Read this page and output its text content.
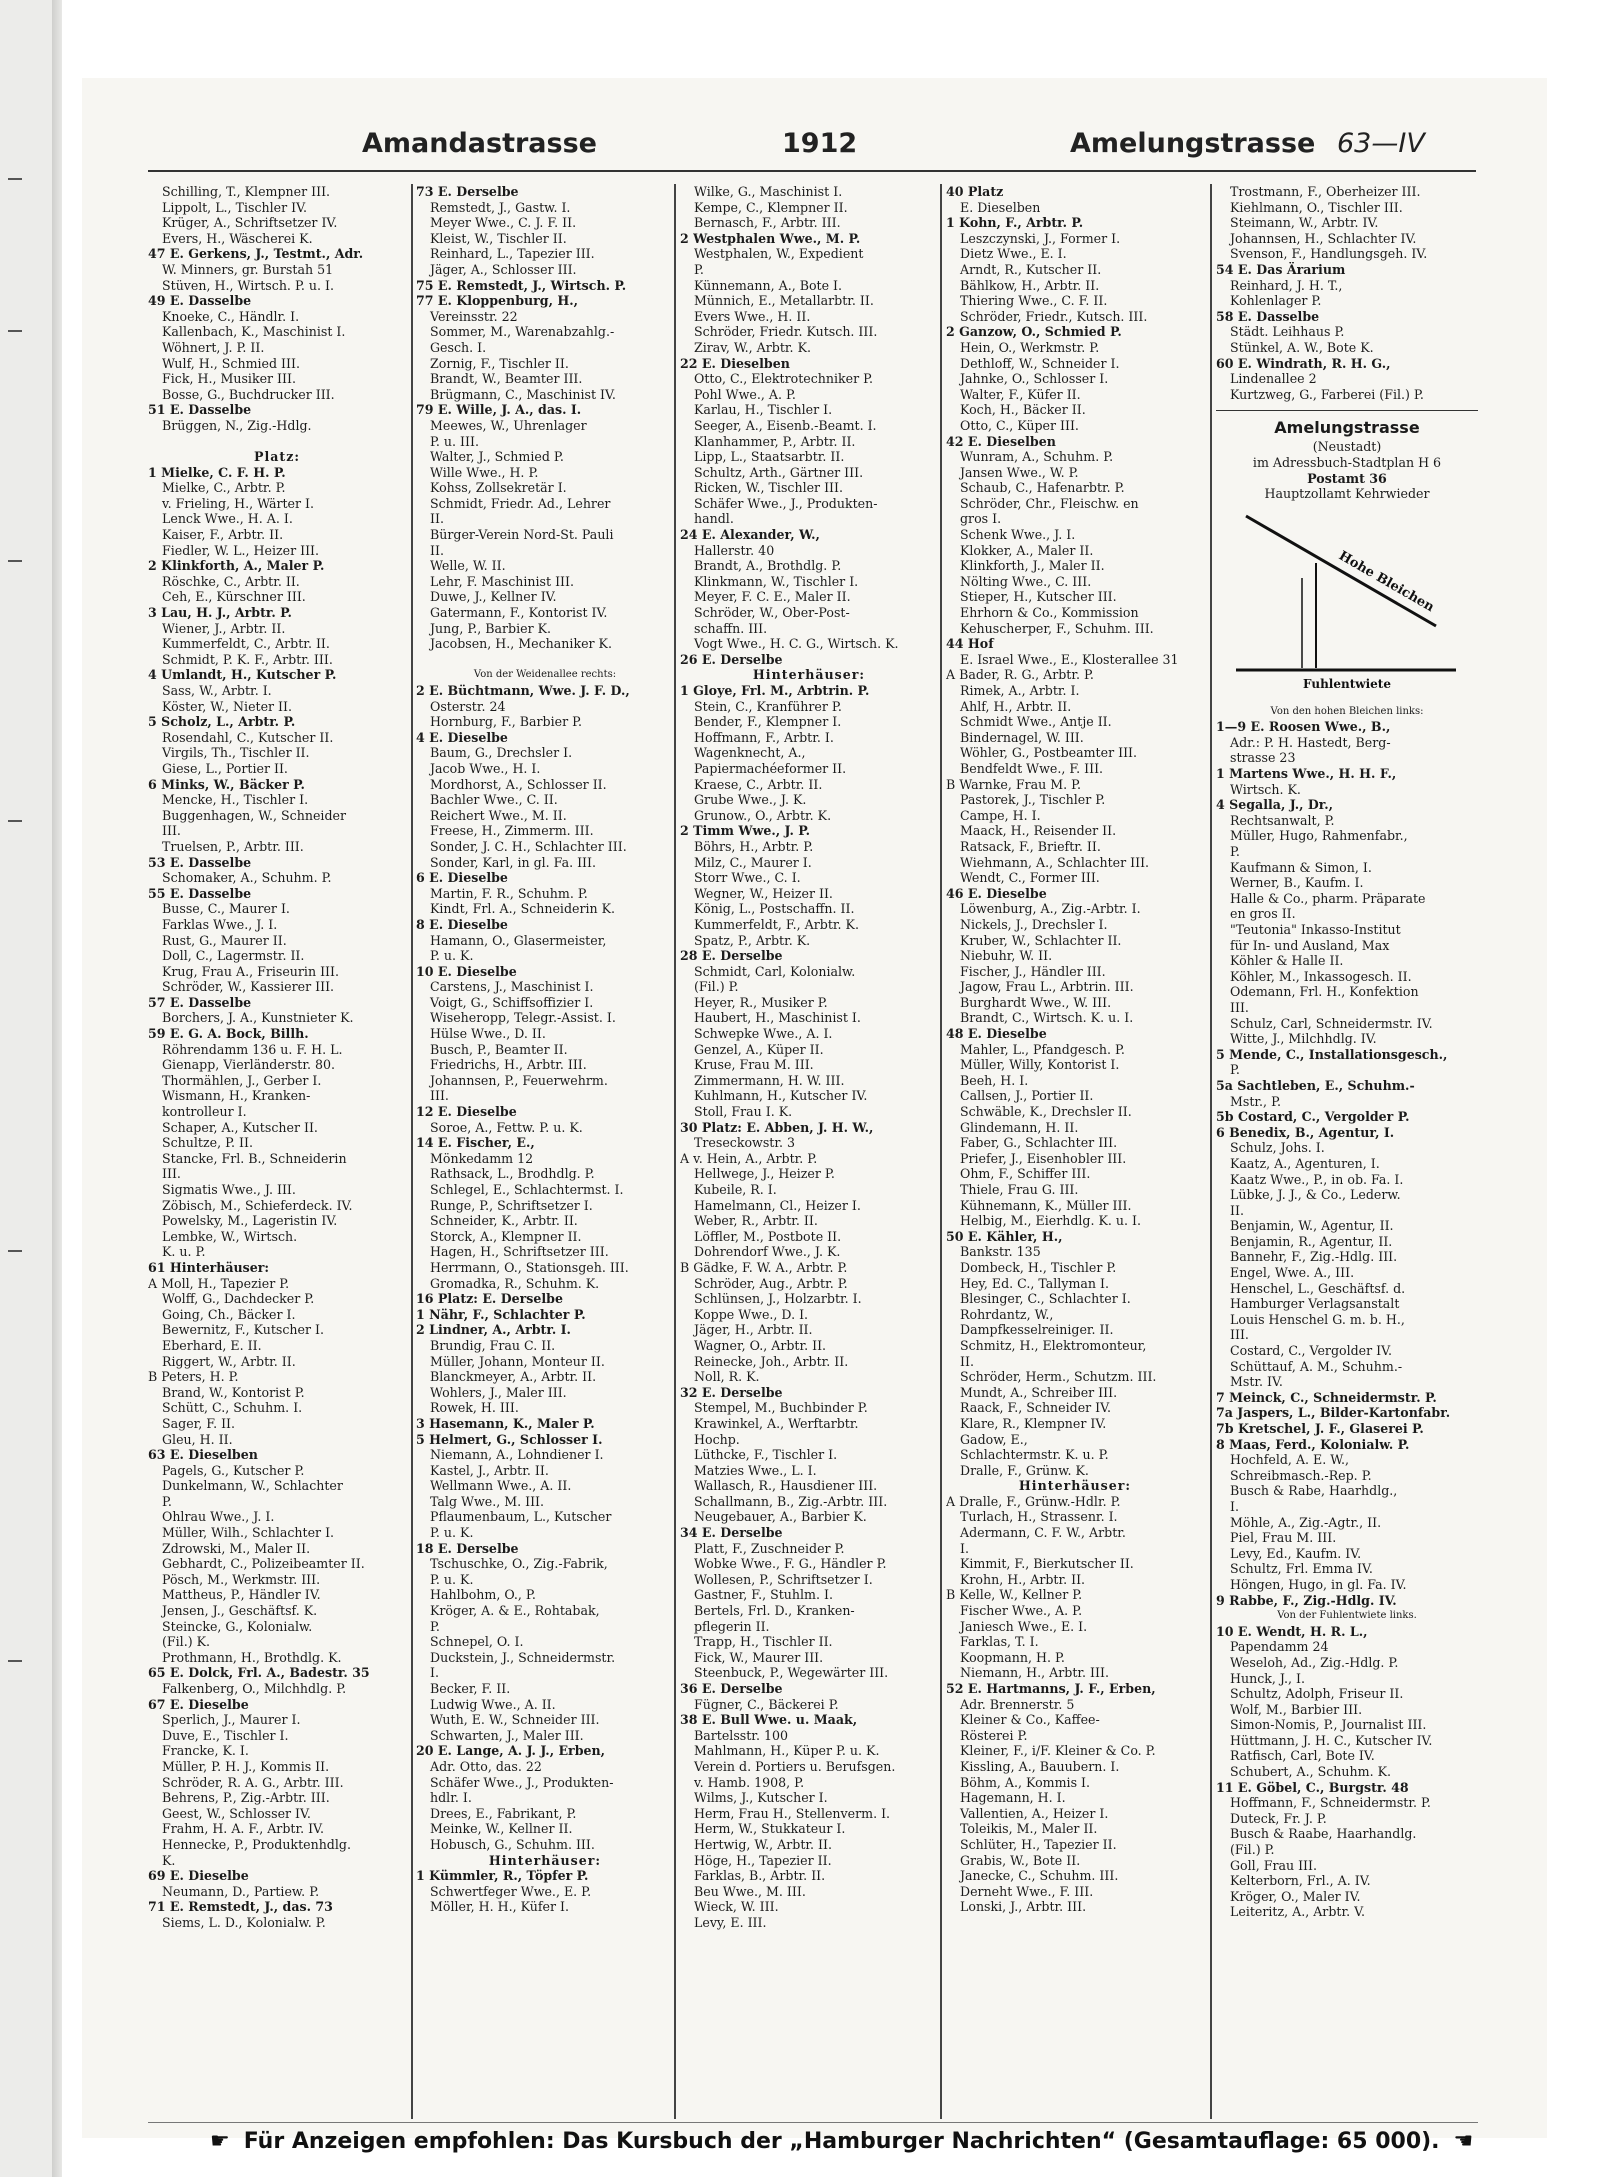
Amandastrasse	1912	Amelungstrasse 63—IV
Schilling, T., Klempner III.
Lippolt, L., Tischler IV.
Krüger, A., Schriftsetzer IV.
Evers, H., Wäscherei K.
47 E. Gerkens, J., Testmt., Adr.
W. Minners, gr. Burstah 51
Stüven, H., Wirtsch. P. u. I.
49 E. Dasselbe
Knoeke, C., Händlr. I.
Kallenbach, K., Maschinist I.
Wöhnert, J. P. II.
Wulf, H., Schmied III.
Fick, H., Musiker III.
Bosse, G., Buchdrucker III.
51 E. Dasselbe
Brüggen, N., Zig.-Hdlg.
Platz:
1 Mielke, C. F. H. P.
Mielke, C., Arbtr. P.
v. Frieling, H., Wärter I.
Lenck Wwe., H. A. I.
Kaiser, F., Arbtr. II.
Fiedler, W. L., Heizer III.
2 Klinkforth, A., Maler P.
Röschke, C., Arbtr. II.
Ceh, E., Kürschner III.
3 Lau, H. J., Arbtr. P.
Wiener, J., Arbtr. II.
Kummerfeldt, C., Arbtr. II.
Schmidt, P. K. F., Arbtr. III.
4 Umlandt, H., Kutscher P.
Sass, W., Arbtr. I.
Köster, W., Nieter II.
5 Scholz, L., Arbtr. P.
Rosendahl, C., Kutscher II.
Virgils, Th., Tischler II.
Giese, L., Portier II.
6 Minks, W., Bäcker P.
Mencke, H., Tischler I.
Buggenhagen, W., Schneider
III.
Truelsen, P., Arbtr. III.
53 E. Dasselbe
Schomaker, A., Schuhm. P.
55 E. Dasselbe
Busse, C., Maurer I.
Farklas Wwe., J. I.
Rust, G., Maurer II.
Doll, C., Lagermstr. II.
Krug, Frau A., Friseurin III.
Schröder, W., Kassierer III.
57 E. Dasselbe
Borchers, J. A., Kunstnieter K.
59 E. G. A. Bock, Billh.
Röhrendamm 136 u. F. H. L.
Gienapp, Vierländerstr. 80.
Thormählen, J., Gerber I.
Wismann, H., Kranken-
kontrolleur I.
Schaper, A., Kutscher II.
Schultze, P. II.
Stancke, Frl. B., Schneiderin
III.
Sigmatis Wwe., J. III.
Zöbisch, M., Schieferdeck. IV.
Powelsky, M., Lageristin IV.
Lembke, W., Wirtsch.
K. u. P.
61 Hinterhäuser:
A Moll, H., Tapezier P.
Wolff, G., Dachdecker P.
Going, Ch., Bäcker I.
Bewernitz, F., Kutscher I.
Eberhard, E. II.
Riggert, W., Arbtr. II.
B Peters, H. P.
Brand, W., Kontorist P.
Schütt, C., Schuhm. I.
Sager, F. II.
Gleu, H. II.
63 E. Dieselben
Pagels, G., Kutscher P.
Dunkelmann, W., Schlachter
P.
Ohlrau Wwe., J. I.
Müller, Wilh., Schlachter I.
Zdrowski, M., Maler II.
Gebhardt, C., Polizeibeamter II.
Pösch, M., Werkmstr. III.
Mattheus, P., Händler IV.
Jensen, J., Geschäftsf. K.
Steincke, G., Kolonialw.
(Fil.) K.
Prothmann, H., Brothdlg. K.
65 E. Dolck, Frl. A., Badestr. 35
Falkenberg, O., Milchhdlg. P.
67 E. Dieselbe
Sperlich, J., Maurer I.
Duve, E., Tischler I.
Francke, K. I.
Müller, P. H. J., Kommis II.
Schröder, R. A. G., Arbtr. III.
Behrens, P., Zig.-Arbtr. III.
Geest, W., Schlosser IV.
Frahm, H. A. F., Arbtr. IV.
Hennecke, P., Produktenhdlg.
K.
69 E. Dieselbe
Neumann, D., Partiew. P.
71 E. Remstedt, J., das. 73
Siems, L. D., Kolonialw. P.
73 E. Derselbe
Remstedt, J., Gastw. I.
Meyer Wwe., C. J. F. II.
Kleist, W., Tischler II.
Reinhard, L., Tapezier III.
Jäger, A., Schlosser III.
75 E. Remstedt, J., Wirtsch. P.
77 E. Kloppenburg, H.,
Vereinsstr. 22
Sommer, M., Warenabzahlg.-
Gesch. I.
Zornig, F., Tischler II.
Brandt, W., Beamter III.
Brügmann, C., Maschinist IV.
79 E. Wille, J. A., das. I.
Meewes, W., Uhrenlager
P. u. III.
Walter, J., Schmied P.
Wille Wwe., H. P.
Kohss, Zollsekretär I.
Schmidt, Friedr. Ad., Lehrer
II.
Bürger-Verein Nord-St. Pauli
II.
Welle, W. II.
Lehr, F. Maschinist III.
Duwe, J., Kellner IV.
Gatermann, F., Kontorist IV.
Jung, P., Barbier K.
Jacobsen, H., Mechaniker K.
Von der Weidenallee rechts:
2 E. Büchtmann, Wwe. J. F. D.,
Osterstr. 24
Hornburg, F., Barbier P.
4 E. Dieselbe
Baum, G., Drechsler I.
Jacob Wwe., H. I.
Mordhorst, A., Schlosser II.
Bachler Wwe., C. II.
Reichert Wwe., M. II.
Freese, H., Zimmerm. III.
Sonder, J. C. H., Schlachter III.
Sonder, Karl, in gl. Fa. III.
6 E. Dieselbe
Martin, F. R., Schuhm. P.
Kindt, Frl. A., Schneiderin K.
8 E. Dieselbe
Hamann, O., Glasermeister,
P. u. K.
10 E. Dieselbe
Carstens, J., Maschinist I.
Voigt, G., Schiffsoffizier I.
Wiseheropp, Telegr.-Assist. I.
Hülse Wwe., D. II.
Busch, P., Beamter II.
Friedrichs, H., Arbtr. III.
Johannsen, P., Feuerwehrm.
III.
12 E. Dieselbe
Soroe, A., Fettw. P. u. K.
14 E. Fischer, E.,
Mönkedamm 12
Rathsack, L., Brodhdlg. P.
Schlegel, E., Schlachtermst. I.
Runge, P., Schriftsetzer I.
Schneider, K., Arbtr. II.
Storck, A., Klempner II.
Hagen, H., Schriftsetzer III.
Herrmann, O., Stationsgeh. III.
Gromadka, R., Schuhm. K.
16 Platz: E. Derselbe
1 Nähr, F., Schlachter P.
2 Lindner, A., Arbtr. I.
Brundig, Frau C. II.
Müller, Johann, Monteur II.
Blanckmeyer, A., Arbtr. II.
Wohlers, J., Maler III.
Rowek, H. III.
3 Hasemann, K., Maler P.
5 Helmert, G., Schlosser I.
Niemann, A., Lohndiener I.
Kastel, J., Arbtr. II.
Wellmann Wwe., A. II.
Talg Wwe., M. III.
Pflaumenbaum, L., Kutscher
P. u. K.
18 E. Derselbe
Tschuschke, O., Zig.-Fabrik,
P. u. K.
Hahlbohm, O., P.
Kröger, A. & E., Rohtabak,
P.
Schnepel, O. I.
Duckstein, J., Schneidermstr.
I.
Becker, F. II.
Ludwig Wwe., A. II.
Wuth, E. W., Schneider III.
Schwarten, J., Maler III.
20 E. Lange, A. J. J., Erben,
Adr. Otto, das. 22
Schäfer Wwe., J., Produkten-
hdlr. I.
Drees, E., Fabrikant, P.
Meinke, W., Kellner II.
Hobusch, G., Schuhm. III.
Hinterhäuser:
1 Kümmler, R., Töpfer P.
Schwertfeger Wwe., E. P.
Möller, H. H., Küfer I.
Wilke, G., Maschinist I.
Kempe, C., Klempner II.
Bernasch, F., Arbtr. III.
2 Westphalen Wwe., M. P.
Westphalen, W., Expedient
P.
Künnemann, A., Bote I.
Münnich, E., Metallarbtr. II.
Evers Wwe., H. II.
Schröder, Friedr. Kutsch. III.
Zirav, W., Arbtr. K.
22 E. Dieselben
Otto, C., Elektrotechniker P.
Pohl Wwe., A. P.
Karlau, H., Tischler I.
Seeger, A., Eisenb.-Beamt. I.
Klanhammer, P., Arbtr. II.
Lipp, L., Staatsarbtr. II.
Schultz, Arth., Gärtner III.
Ricken, W., Tischler III.
Schäfer Wwe., J., Produkten-
handl.
24 E. Alexander, W.,
Hallerstr. 40
Brandt, A., Brothdlg. P.
Klinkmann, W., Tischler I.
Meyer, F. C. E., Maler II.
Schröder, W., Ober-Post-
schaffn. III.
Vogt Wwe., H. C. G., Wirtsch. K.
26 E. Derselbe
Hinterhäuser:
1 Gloye, Frl. M., Arbtrin. P.
Stein, C., Kranführer P.
Bender, F., Klempner I.
Hoffmann, F., Arbtr. I.
Wagenknecht, A.,
Papiermachéeformer II.
Kraese, C., Arbtr. II.
Grube Wwe., J. K.
Grunow., O., Arbtr. K.
2 Timm Wwe., J. P.
Böhrs, H., Arbtr. P.
Milz, C., Maurer I.
Storr Wwe., C. I.
Wegner, W., Heizer II.
König, L., Postschaffn. II.
Kummerfeldt, F., Arbtr. K.
Spatz, P., Arbtr. K.
28 E. Derselbe
Schmidt, Carl, Kolonialw.
(Fil.) P.
Heyer, R., Musiker P.
Haubert, H., Maschinist I.
Schwepke Wwe., A. I.
Genzel, A., Küper II.
Kruse, Frau M. III.
Zimmermann, H. W. III.
Kuhlmann, H., Kutscher IV.
Stoll, Frau I. K.
30 Platz: E. Abben, J. H. W.,
Treseckowstr. 3
A v. Hein, A., Arbtr. P.
Hellwege, J., Heizer P.
Kubeile, R. I.
Hamelmann, Cl., Heizer I.
Weber, R., Arbtr. II.
Löffler, M., Postbote II.
Dohrendorf Wwe., J. K.
B Gädke, F. W. A., Arbtr. P.
Schröder, Aug., Arbtr. P.
Schlünsen, J., Holzarbtr. I.
Koppe Wwe., D. I.
Jäger, H., Arbtr. II.
Wagner, O., Arbtr. II.
Reinecke, Joh., Arbtr. II.
Noll, R. K.
32 E. Derselbe
Stempel, M., Buchbinder P.
Krawinkel, A., Werftarbtr.
Hochp.
Lüthcke, F., Tischler I.
Matzies Wwe., L. I.
Wallasch, R., Hausdiener III.
Schallmann, B., Zig.-Arbtr. III.
Neugebauer, A., Barbier K.
34 E. Derselbe
Platt, F., Zuschneider P.
Wobke Wwe., F. G., Händler P.
Wollesen, P., Schriftsetzer I.
Gastner, F., Stuhlm. I.
Bertels, Frl. D., Kranken-
pflegerin II.
Trapp, H., Tischler II.
Fick, W., Maurer III.
Steenbuck, P., Wegewärter III.
36 E. Derselbe
Fügner, C., Bäckerei P.
38 E. Bull Wwe. u. Maak,
Bartelsstr. 100
Mahlmann, H., Küper P. u. K.
Verein d. Portiers u. Berufsgen.
v. Hamb. 1908, P.
Wilms, J., Kutscher I.
Herm, Frau H., Stellenverm. I.
Herm, W., Stukkateur I.
Hertwig, W., Arbtr. II.
Höge, H., Tapezier II.
Farklas, B., Arbtr. II.
Beu Wwe., M. III.
Wieck, W. III.
Levy, E. III.
40 Platz
E. Dieselben
1 Kohn, F., Arbtr. P.
Leszczynski, J., Former I.
Dietz Wwe., E. I.
Arndt, R., Kutscher II.
Bählkow, H., Arbtr. II.
Thiering Wwe., C. F. II.
Schröder, Friedr., Kutsch. III.
2 Ganzow, O., Schmied P.
Hein, O., Werkmstr. P.
Dethloff, W., Schneider I.
Jahnke, O., Schlosser I.
Walter, F., Küfer II.
Koch, H., Bäcker II.
Otto, C., Küper III.
42 E. Dieselben
Wunram, A., Schuhm. P.
Jansen Wwe., W. P.
Schaub, C., Hafenarbtr. P.
Schröder, Chr., Fleischw. en
gros I.
Schenk Wwe., J. I.
Klokker, A., Maler II.
Klinkforth, J., Maler II.
Nölting Wwe., C. III.
Stieper, H., Kutscher III.
Ehrhorn & Co., Kommission
Kehuscherper, F., Schuhm. III.
44 Hof
E. Israel Wwe., E., Klosterallee 31
A Bader, R. G., Arbtr. P.
Rimek, A., Arbtr. I.
Ahlf, H., Arbtr. II.
Schmidt Wwe., Antje II.
Bindernagel, W. III.
Wöhler, G., Postbeamter III.
Bendfeldt Wwe., F. III.
B Warnke, Frau M. P.
Pastorek, J., Tischler P.
Campe, H. I.
Maack, H., Reisender II.
Ratsack, F., Brieftr. II.
Wiehmann, A., Schlachter III.
Wendt, C., Former III.
46 E. Dieselbe
Löwenburg, A., Zig.-Arbtr. I.
Nickels, J., Drechsler I.
Kruber, W., Schlachter II.
Niebuhr, W. II.
Fischer, J., Händler III.
Jagow, Frau L., Arbtrin. III.
Burghardt Wwe., W. III.
Brandt, C., Wirtsch. K. u. I.
48 E. Dieselbe
Mahler, L., Pfandgesch. P.
Müller, Willy, Kontorist I.
Beeh, H. I.
Callsen, J., Portier II.
Schwäble, K., Drechsler II.
Glindemann, H. II.
Faber, G., Schlachter III.
Priefer, J., Eisenhobler III.
Ohm, F., Schiffer III.
Thiele, Frau G. III.
Kühnemann, K., Müller III.
Helbig, M., Eierhdlg. K. u. I.
50 E. Kähler, H.,
Bankstr. 135
Dombeck, H., Tischler P.
Hey, Ed. C., Tallyman I.
Blesinger, C., Schlachter I.
Rohrdantz, W.,
Dampfkesselreiniger. II.
Schmitz, H., Elektromonteur,
II.
Schröder, Herm., Schutzm. III.
Mundt, A., Schreiber III.
Raack, F., Schneider IV.
Klare, R., Klempner IV.
Gadow, E.,
Schlachtermstr. K. u. P.
Dralle, F., Grünw. K.
Hinterhäuser:
A Dralle, F., Grünw.-Hdlr. P.
Turlach, H., Strassenr. I.
Adermann, C. F. W., Arbtr.
I.
Kimmit, F., Bierkutscher II.
Krohn, H., Arbtr. II.
B Kelle, W., Kellner P.
Fischer Wwe., A. P.
Janiesch Wwe., E. I.
Farklas, T. I.
Koopmann, H. P.
Niemann, H., Arbtr. III.
52 E. Hartmanns, J. F., Erben,
Adr. Brennerstr. 5
Kleiner & Co., Kaffee-
Rösterei P.
Kleiner, F., i/F. Kleiner & Co. P.
Kissling, A., Bauubern. I.
Böhm, A., Kommis I.
Hagemann, H. I.
Vallentien, A., Heizer I.
Toleikis, M., Maler II.
Schlüter, H., Tapezier II.
Grabis, W., Bote II.
Janecke, C., Schuhm. III.
Derneht Wwe., F. III.
Lonski, J., Arbtr. III.
Trostmann, F., Oberheizer III.
Kiehlmann, O., Tischler III.
Steimann, W., Arbtr. IV.
Johannsen, H., Schlachter IV.
Svenson, F., Handlungsgeh. IV.
54 E. Das Ärarium
Reinhard, J. H. T.,
Kohlenlager P.
58 E. Dasselbe
Städt. Leihhaus P.
Stünkel, A. W., Bote K.
60 E. Windrath, R. H. G.,
Lindenallee 2
Kurtzweg, G., Farberei (Fil.) P.
Amelungstrasse
(Neustadt)
im Adressbuch-Stadtplan H 6
Postamt 36
Hauptzollamt Kehrwieder
Hohe Bleichen
Fuhlentwiete
Von den hohen Bleichen links:
1—9 E. Roosen Wwe., B.,
Adr.: P. H. Hastedt, Berg-
strasse 23
1 Martens Wwe., H. H. F.,
Wirtsch. K.
4 Segalla, J., Dr.,
Rechtsanwalt, P.
Müller, Hugo, Rahmenfabr.,
P.
Kaufmann & Simon, I.
Werner, B., Kaufm. I.
Halle & Co., pharm. Präparate
en gros II.
"Teutonia" Inkasso-Institut
für In- und Ausland, Max
Köhler & Halle II.
Köhler, M., Inkassogesch. II.
Odemann, Frl. H., Konfektion
III.
Schulz, Carl, Schneidermstr. IV.
Witte, J., Milchhdlg. IV.
5 Mende, C., Installationsgesch.,
P.
5a Sachtleben, E., Schuhm.-
Mstr., P.
5b Costard, C., Vergolder P.
6 Benedix, B., Agentur, I.
Schulz, Johs. I.
Kaatz, A., Agenturen, I.
Kaatz Wwe., P., in ob. Fa. I.
Lübke, J. J., & Co., Lederw.
II.
Benjamin, W., Agentur, II.
Benjamin, R., Agentur, II.
Bannehr, F., Zig.-Hdlg. III.
Engel, Wwe. A., III.
Henschel, L., Geschäftsf. d.
Hamburger Verlagsanstalt
Louis Henschel G. m. b. H.,
III.
Costard, C., Vergolder IV.
Schüttauf, A. M., Schuhm.-
Mstr. IV.
7 Meinck, C., Schneidermstr. P.
7a Jaspers, L., Bilder-Kartonfabr.
7b Kretschel, J. F., Glaserei P.
8 Maas, Ferd., Kolonialw. P.
Hochfeld, A. E. W.,
Schreibmasch.-Rep. P.
Busch & Rabe, Haarhdlg.,
I.
Möhle, A., Zig.-Agtr., II.
Piel, Frau M. III.
Levy, Ed., Kaufm. IV.
Schultz, Frl. Emma IV.
Höngen, Hugo, in gl. Fa. IV.
9 Rabbe, F., Zig.-Hdlg. IV.
Von der Fuhlentwiete links.
10 E. Wendt, H. R. L.,
Papendamm 24
Weseloh, Ad., Zig.-Hdlg. P.
Hunck, J., I.
Schultz, Adolph, Friseur II.
Wolf, M., Barbier III.
Simon-Nomis, P., Journalist III.
Hüttmann, J. H. C., Kutscher IV.
Ratfisch, Carl, Bote IV.
Schubert, A., Schuhm. K.
11 E. Göbel, C., Burgstr. 48
Hoffmann, F., Schneidermstr. P.
Duteck, Fr. J. P.
Busch & Raabe, Haarhandlg.
(Fil.) P.
Goll, Frau III.
Kelterborn, Frl., A. IV.
Kröger, O., Maler IV.
Leiteritz, A., Arbtr. V.
☛ Für Anzeigen empfohlen: Das Kursbuch der „Hamburger Nachrichten“ (Gesamtauflage: 65 000). ☚
